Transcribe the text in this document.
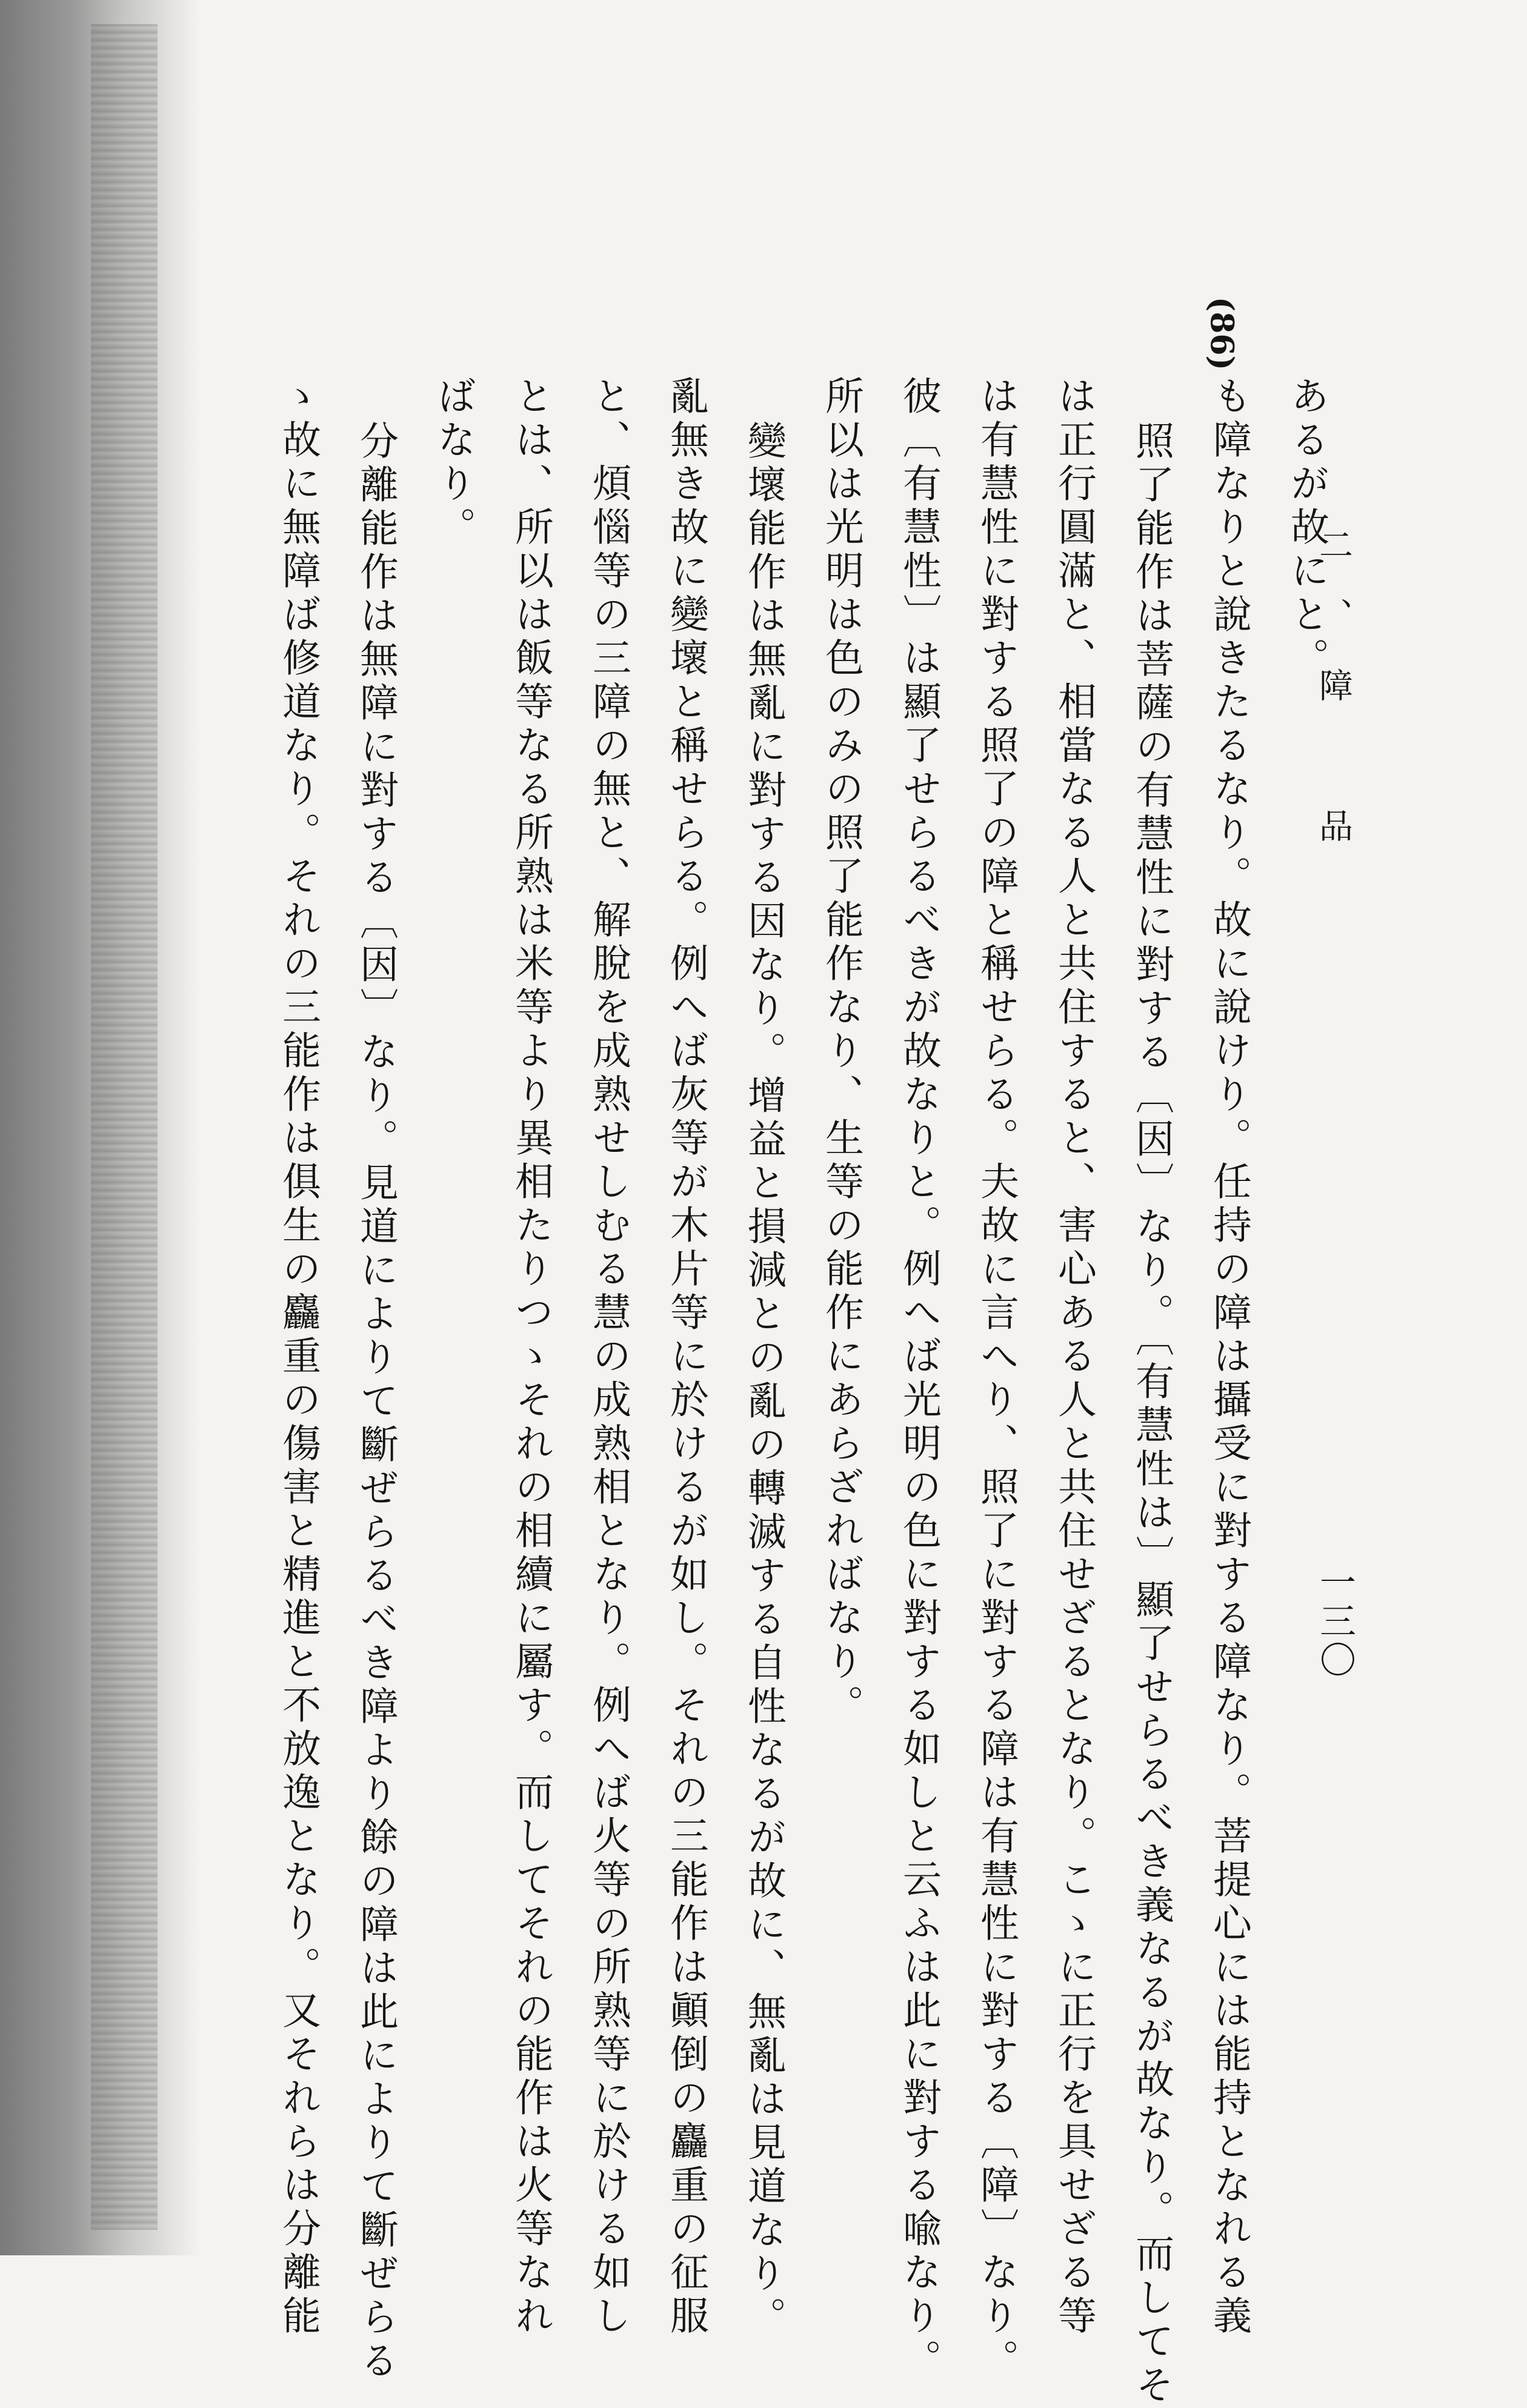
(86)
二、障　品
一三〇
あるが故にと。
も障なりと說きたるなり。故に說けり。任持の障は攝受に對する障なり。菩提心には能持となれる義
照了能作は菩薩の有慧性に對する〔因〕なり。〔有慧性は〕顯了せらるべき義なるが故なり。而してそ
は正行圓滿と、相當なる人と共住すると、害心ある人と共住せざるとなり。こゝに正行を具せざる等
は有慧性に對する照了の障と稱せらる。夫故に言へり、照了に對する障は有慧性に對する〔障〕なり。
彼〔有慧性〕は顯了せらるべきが故なりと。例へば光明の色に對する如しと云ふは此に對する喩なり。
所以は光明は色のみの照了能作なり、生等の能作にあらざればなり。
變壞能作は無亂に對する因なり。增益と損減との亂の轉滅する自性なるが故に、無亂は見道なり。
亂無き故に變壞と稱せらる。例へば灰等が木片等に於けるが如し。それの三能作は顚倒の麤重の征服
と、煩惱等の三障の無と、解脫を成熟せしむる慧の成熟相となり。例へば火等の所熟等に於ける如し
とは、所以は飯等なる所熟は米等より異相たりつゝそれの相續に屬す。而してそれの能作は火等なれ
ばなり。
分離能作は無障に對する〔因〕なり。見道によりて斷ぜらるべき障より餘の障は此によりて斷ぜらる
ゝ故に無障ば修道なり。それの三能作は俱生の麤重の傷害と精進と不放逸となり。又それらは分離能
